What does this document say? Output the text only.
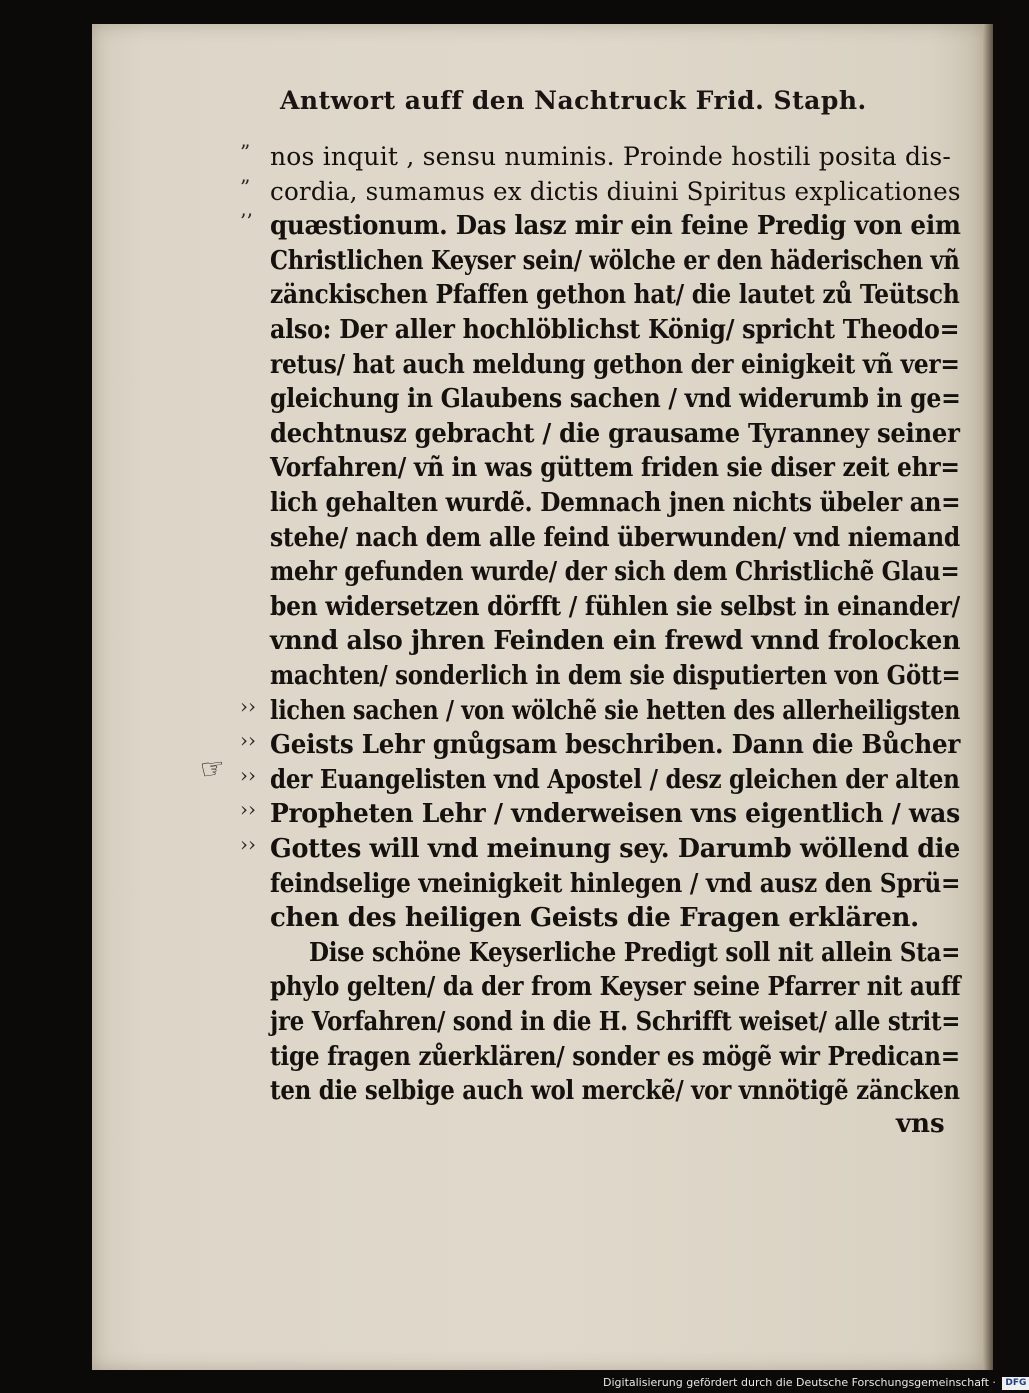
Antwort auff den Nachtruck Frid. Staph.
☞
nos inquit , sensu numinis. Proinde hostili posita dis-
”
cordia, sumamus ex dictis diuini Spiritus explicationes
”
quæstionum. Das lasz mir ein feine Predig von eim
’’
Christlichen Keyser sein/ wölche er den häderischen vñ
zänckischen Pfaffen gethon hat/ die lautet zů Teütsch
also: Der aller hochlöblichst König/ spricht Theodo=
retus/ hat auch meldung gethon der einigkeit vñ ver=
gleichung in Glaubens sachen / vnd widerumb in ge=
dechtnusz gebracht / die grausame Tyranney seiner
Vorfahren/ vñ in was güttem friden sie diser zeit ehr=
lich gehalten wurdẽ. Demnach jnen nichts übeler an=
stehe/ nach dem alle feind überwunden/ vnd niemand
mehr gefunden wurde/ der sich dem Christlichẽ Glau=
ben widersetzen dörfft / fühlen sie selbst in einander/
vnnd also jhren Feinden ein frewd vnnd frolocken
machten/ sonderlich in dem sie disputierten von Gött=
lichen sachen / von wölchẽ sie hetten des allerheiligsten
››
Geists Lehr gnůgsam beschriben. Dann die Bůcher
››
der Euangelisten vnd Apostel / desz gleichen der alten
››
Propheten Lehr / vnderweisen vns eigentlich / was
››
Gottes will vnd meinung sey. Darumb wöllend die
››
feindselige vneinigkeit hinlegen / vnd ausz den Sprü=
chen des heiligen Geists die Fragen erklären.
Dise schöne Keyserliche Predigt soll nit allein Sta=
phylo gelten/ da der from Keyser seine Pfarrer nit auff
jre Vorfahren/ sond in die H. Schrifft weiset/ alle strit=
tige fragen zůerklären/ sonder es mögẽ wir Predican=
ten die selbige auch wol merckẽ/ vor vnnötigẽ zäncken
vns
Digitalisierung gefördert durch die Deutsche Forschungsgemeinschaft · DFG
